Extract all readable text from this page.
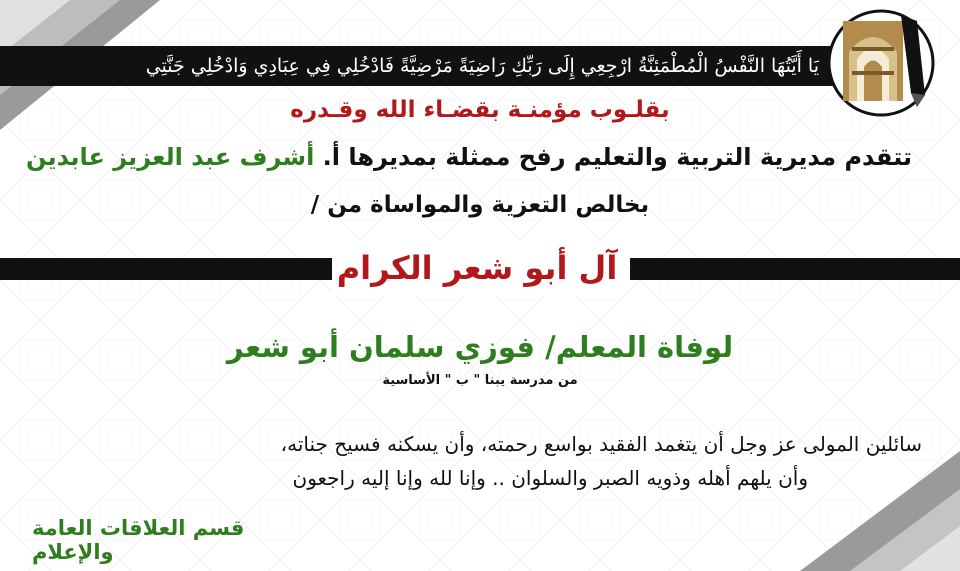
يَا أَيَّتُهَا النَّفْسُ الْمُطْمَئِنَّةُ ارْجِعِي إِلَى رَبِّكِ رَاضِيَةً مَرْضِيَّةً فَادْخُلِي فِي عِبَادِي وَادْخُلِي جَنَّتِي
بقلـوب مؤمنـة بقضـاء الله وقـدره
تتقدم مديرية التربية والتعليم رفح ممثلة بمديرها أ. أشرف عبد العزيز عابدين
بخالص التعزية والمواساة من /
آل أبو شعر الكرام
لوفاة المعلم/ فوزي سلمان أبو شعر
من مدرسة يبنا " ب " الأساسية
سائلين المولى عز وجل أن يتغمد الفقيد بواسع رحمته، وأن يسكنه فسيح جناته،
وأن يلهم أهله وذويه الصبر والسلوان .. وإنا لله وإنا إليه راجعون
قسم العلاقات العامة والإعلام
